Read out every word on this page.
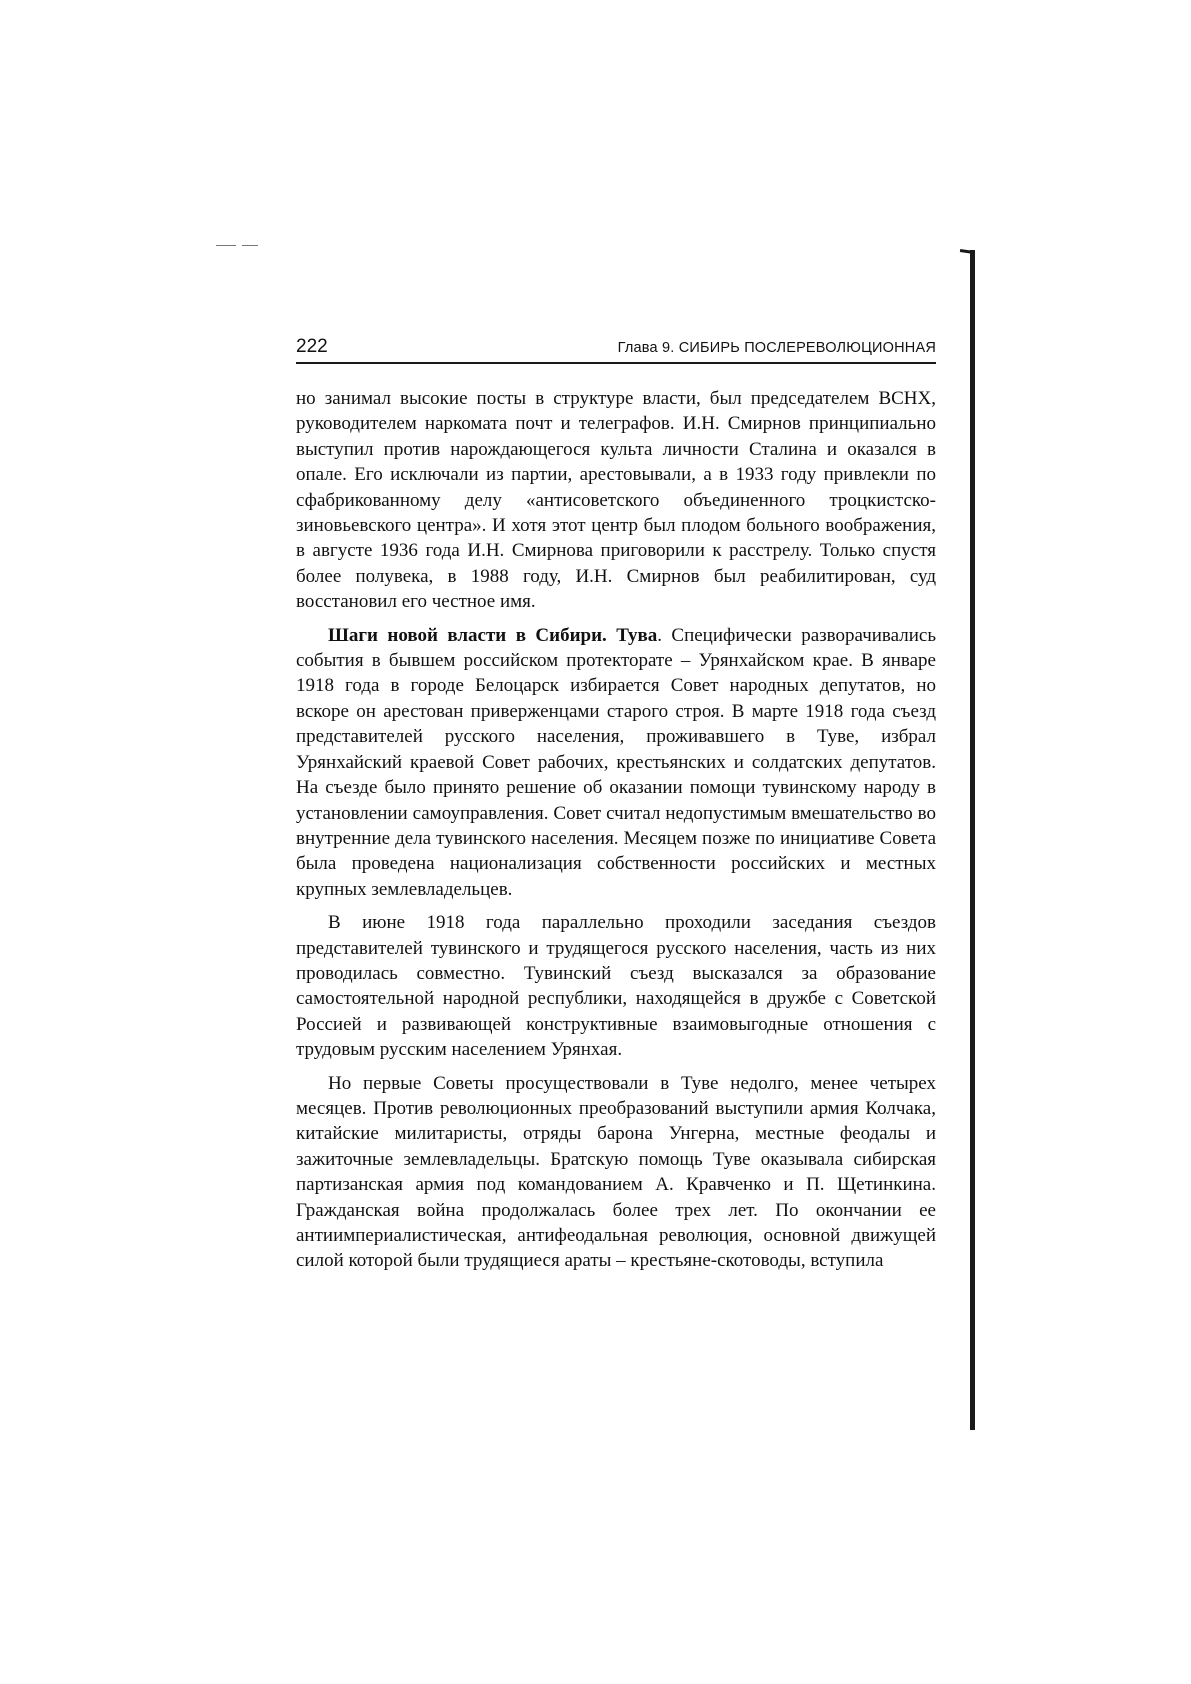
222	Глава 9. СИБИРЬ ПОСЛЕРЕВОЛЮЦИОННАЯ

но занимал высокие посты в структуре власти, был председателем ВСНХ, руководителем наркомата почт и телеграфов. И.Н. Смирнов принципиально выступил против нарождающегося культа личности Сталина и оказался в опале. Его исключали из партии, арестовывали, а в 1933 году привлекли по сфабрикованному делу «антисоветского объединенного троцкистско-зиновьевского центра». И хотя этот центр был плодом больного воображения, в августе 1936 года И.Н. Смирнова приговорили к расстрелу. Только спустя более полувека, в 1988 году, И.Н. Смирнов был реабилитирован, суд восстановил его честное имя.

Шаги новой власти в Сибири. Тува. Специфически разворачивались события в бывшем российском протекторате – Урянхайском крае. В январе 1918 года в городе Белоцарск избирается Совет народных депутатов, но вскоре он арестован приверженцами старого строя. В марте 1918 года съезд представителей русского населения, проживавшего в Туве, избрал Урянхайский краевой Совет рабочих, крестьянских и солдатских депутатов. На съезде было принято решение об оказании помощи тувинскому народу в установлении самоуправления. Совет считал недопустимым вмешательство во внутренние дела тувинского населения. Месяцем позже по инициативе Совета была проведена национализация собственности российских и местных крупных землевладельцев.

В июне 1918 года параллельно проходили заседания съездов представителей тувинского и трудящегося русского населения, часть из них проводилась совместно. Тувинский съезд высказался за образование самостоятельной народной республики, находящейся в дружбе с Советской Россией и развивающей конструктивные взаимовыгодные отношения с трудовым русским населением Урянхая.

Но первые Советы просуществовали в Туве недолго, менее четырех месяцев. Против революционных преобразований выступили армия Колчака, китайские милитаристы, отряды барона Унгерна, местные феодалы и зажиточные землевладельцы. Братскую помощь Туве оказывала сибирская партизанская армия под командованием А. Кравченко и П. Щетинкина. Гражданская война продолжалась более трех лет. По окончании ее антиимпериалистическая, антифеодальная революция, основной движущей силой которой были трудящиеся араты – крестьяне-скотоводы, вступила
